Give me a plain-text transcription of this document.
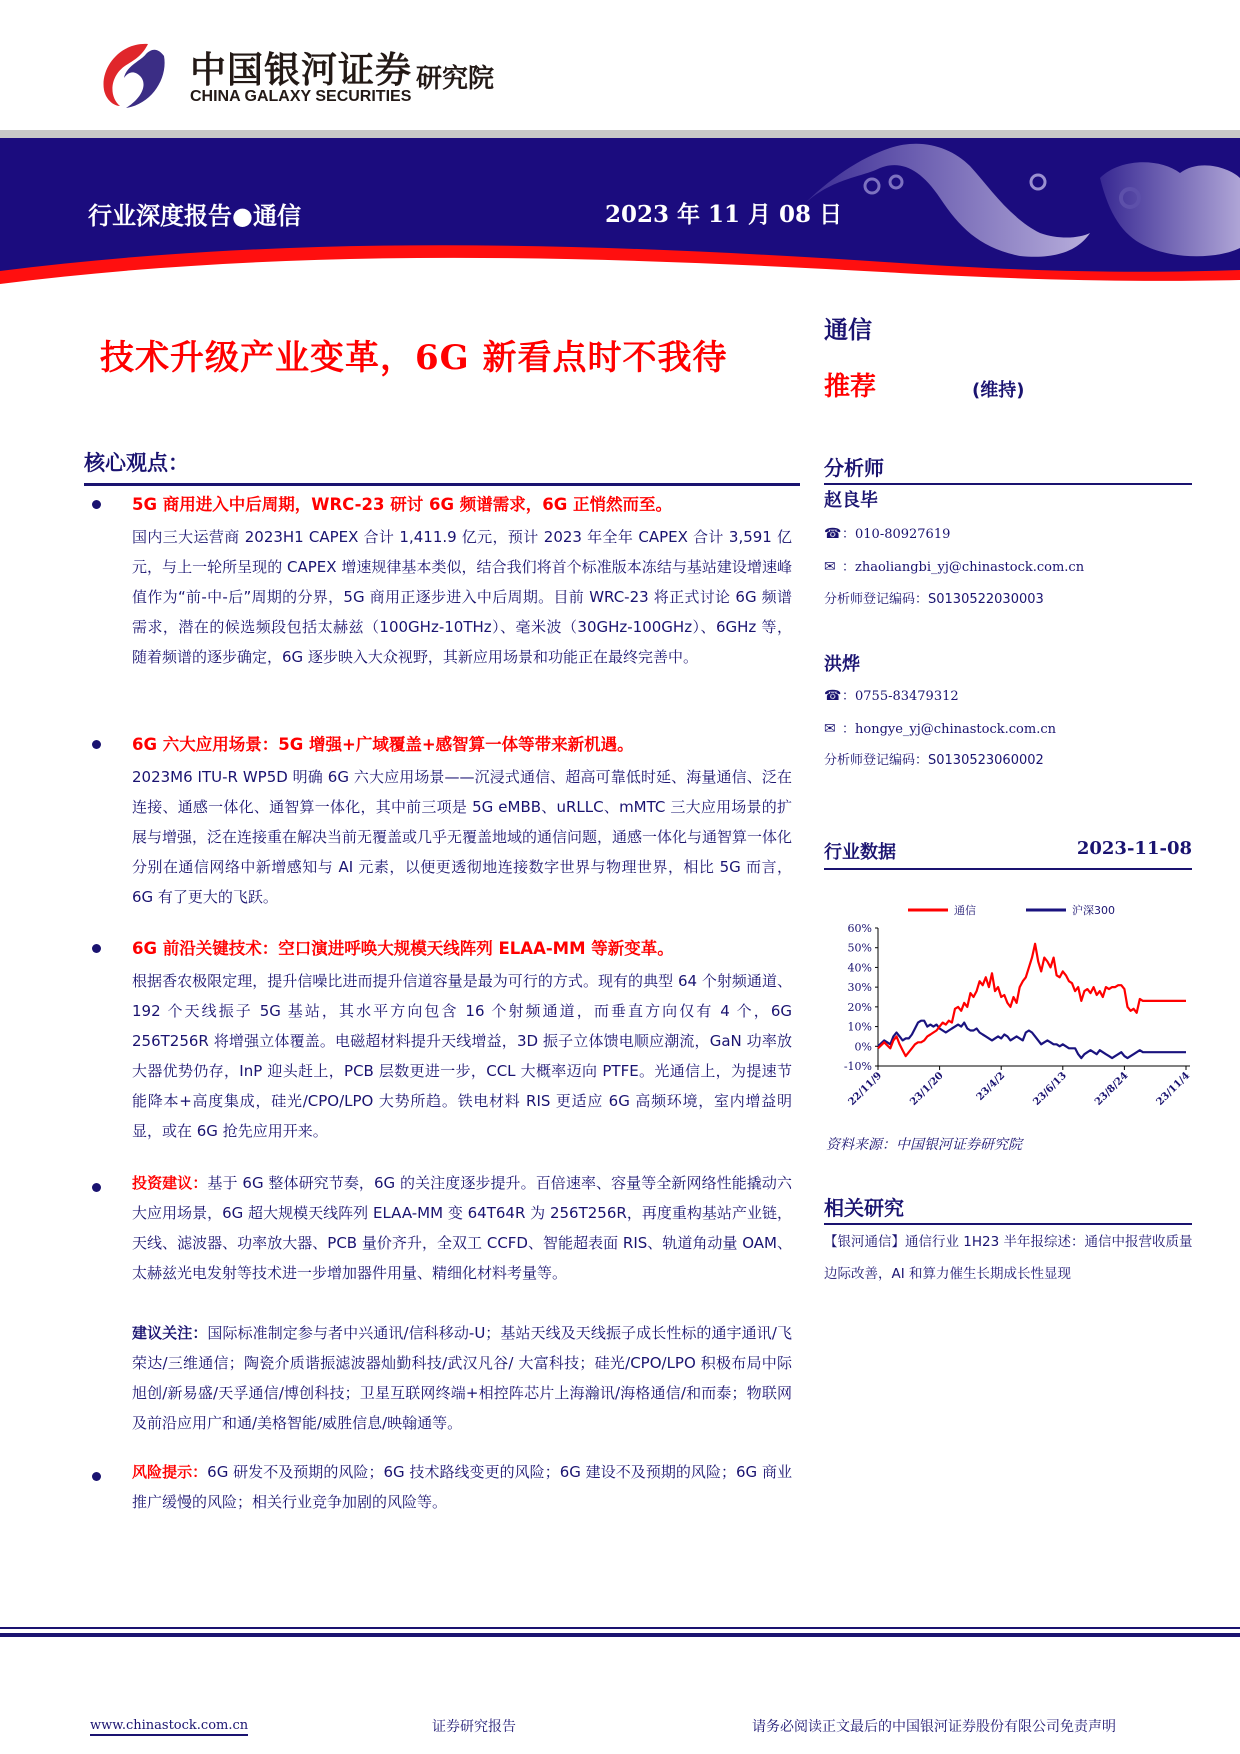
中国银河证券
CHINA GALAXY SECURITIES
研究院
行业深度报告●通信	2023 年 11 月 08 日
技术升级产业变革，6G 新看点时不我待
通信
推荐	(维持)
分析师
赵良毕
☎：010-80927619
✉ ：zhaoliangbi_yj@chinastock.com.cn
分析师登记编码：S0130522030003
洪烨
☎：0755-83479312
✉ ：hongye_yj@chinastock.com.cn
分析师登记编码：S0130523060002
行业数据	2023-11-08
通信	沪深300
-10%
0%
10%
20%
30%
40%
50%
60%
22/11/9 23/1/20	23/4/2 23/6/13 23/8/24 23/11/4
资料来源：中国银河证券研究院
相关研究
【银河通信】通信行业 1H23 半年报综述：通信中报营收质量边际改善，AI 和算力催生长期成长性显现
核心观点：
5G 商用进入中后周期，WRC-23 研讨 6G 频谱需求，6G 正悄然而至。
国内三大运营商 2023H1 CAPEX 合计 1,411.9 亿元，预计 2023 年全年 CAPEX 合计 3,591 亿元，与上一轮所呈现的 CAPEX 增速规律基本类似，结合我们将首个标准版本冻结与基站建设增速峰值作为“前-中-后”周期的分界，5G 商用正逐步进入中后周期。目前 WRC-23 将正式讨论 6G 频谱需求，潜在的候选频段包括太赫兹（100GHz-10THz）、毫米波（30GHz-100GHz）、6GHz 等，随着频谱的逐步确定，6G 逐步映入大众视野，其新应用场景和功能正在最终完善中。
6G 六大应用场景：5G 增强+广域覆盖+感智算一体等带来新机遇。
2023M6 ITU-R WP5D 明确 6G 六大应用场景——沉浸式通信、超高可靠低时延、海量通信、泛在连接、通感一体化、通智算一体化，其中前三项是 5G eMBB、uRLLC、mMTC 三大应用场景的扩展与增强，泛在连接重在解决当前无覆盖或几乎无覆盖地域的通信问题，通感一体化与通智算一体化分别在通信网络中新增感知与 AI 元素，以便更透彻地连接数字世界与物理世界，相比 5G 而言，6G 有了更大的飞跃。
6G 前沿关键技术：空口演进呼唤大规模天线阵列 ELAA-MM 等新变革。
根据香农极限定理，提升信噪比进而提升信道容量是最为可行的方式。现有的典型 64 个射频通道、192 个天线振子 5G 基站，其水平方向包含 16 个射频通道，而垂直方向仅有 4 个，6G 256T256R 将增强立体覆盖。电磁超材料提升天线增益，3D 振子立体馈电顺应潮流，GaN 功率放大器优势仍存，InP 迎头赶上，PCB 层数更进一步，CCL 大概率迈向 PTFE。光通信上，为提速节能降本+高度集成，硅光/CPO/LPO 大势所趋。铁电材料 RIS 更适应 6G 高频环境，室内增益明显，或在 6G 抢先应用开来。
投资建议：基于 6G 整体研究节奏，6G 的关注度逐步提升。百倍速率、容量等全新网络性能撬动六大应用场景，6G 超大规模天线阵列 ELAA-MM 变 64T64R 为 256T256R，再度重构基站产业链，天线、滤波器、功率放大器、PCB 量价齐升，全双工 CCFD、智能超表面 RIS、轨道角动量 OAM、太赫兹光电发射等技术进一步增加器件用量、精细化材料考量等。
建议关注：国际标准制定参与者中兴通讯/信科移动-U；基站天线及天线振子成长性标的通宇通讯/飞荣达/三维通信；陶瓷介质谐振滤波器灿勤科技/武汉凡谷/ 大富科技；硅光/CPO/LPO 积极布局中际旭创/新易盛/天孚通信/博创科技；卫星互联网终端+相控阵芯片上海瀚讯/海格通信/和而泰；物联网及前沿应用广和通/美格智能/威胜信息/映翰通等。
风险提示：6G 研发不及预期的风险；6G 技术路线变更的风险；6G 建设不及预期的风险；6G 商业推广缓慢的风险；相关行业竞争加剧的风险等。
www.chinastock.com.cn	证券研究报告	请务必阅读正文最后的中国银河证券股份有限公司免责声明
